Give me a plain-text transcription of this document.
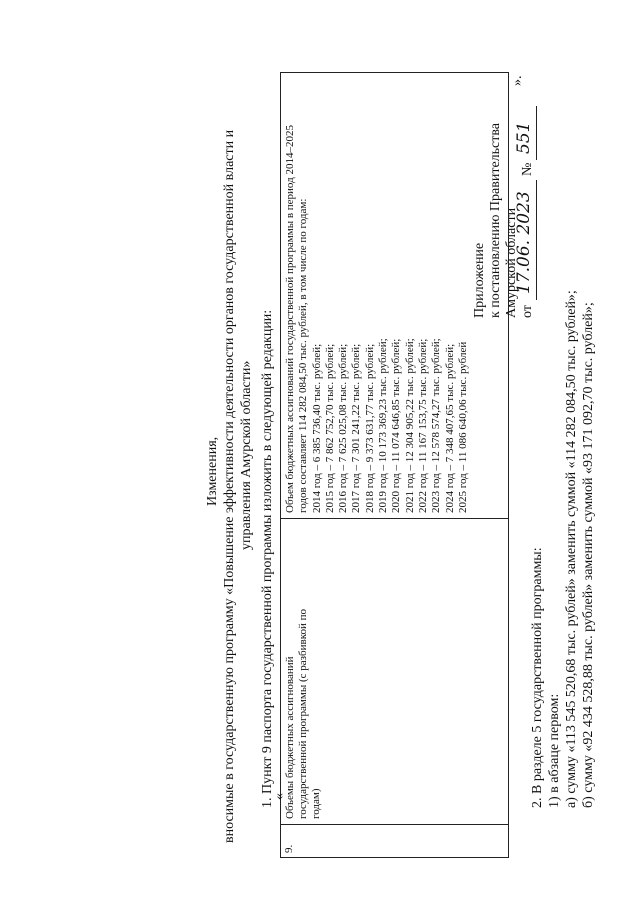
Приложение к постановлению Правительства Амурской области от
17.06. 2023
№
551
Изменения, вносимые в государственную программу «Повышение эффективности деятельности органов государственной власти и управления Амурской области» 1. Пункт 9 паспорта государственной программы изложить в следующей редакции:
9.
Объемы бюджетных ассигнований государственной программы (с разбивкой по годам)
Объем бюджетных ассигнований государственной программы в период 2014–2025 годов составляет 114 282 084,50 тыс. рублей, в том числе по годам: 2014 год – 6 385 736,40 тыс. рублей; 2015 год – 7 862 752,70 тыс. рублей; 2016 год – 7 625 025,08 тыс. рублей; 2017 год – 7 301 241,22 тыс. рублей; 2018 год – 9 373 631,77 тыс. рублей; 2019 год – 10 173 369,23 тыс. рублей; 2020 год – 11 074 646,85 тыс. рублей; 2021 год – 12 304 905,22 тыс. рублей; 2022 год – 11 167 153,75 тыс. рублей; 2023 год – 12 578 574,27 тыс. рублей; 2024 год – 7 348 407,65 тыс. рублей; 2025 год – 11 086 640,06 тыс. рублей
«
».
2. В разделе 5 государственной программы: 1) в абзаце первом: а) сумму «113 545 520,68 тыс. рублей» заменить суммой «114 282 084,50 тыс. рублей»; б) сумму «92 434 528,88 тыс. рублей» заменить суммой «93 171 092,70 тыс. рублей»;
